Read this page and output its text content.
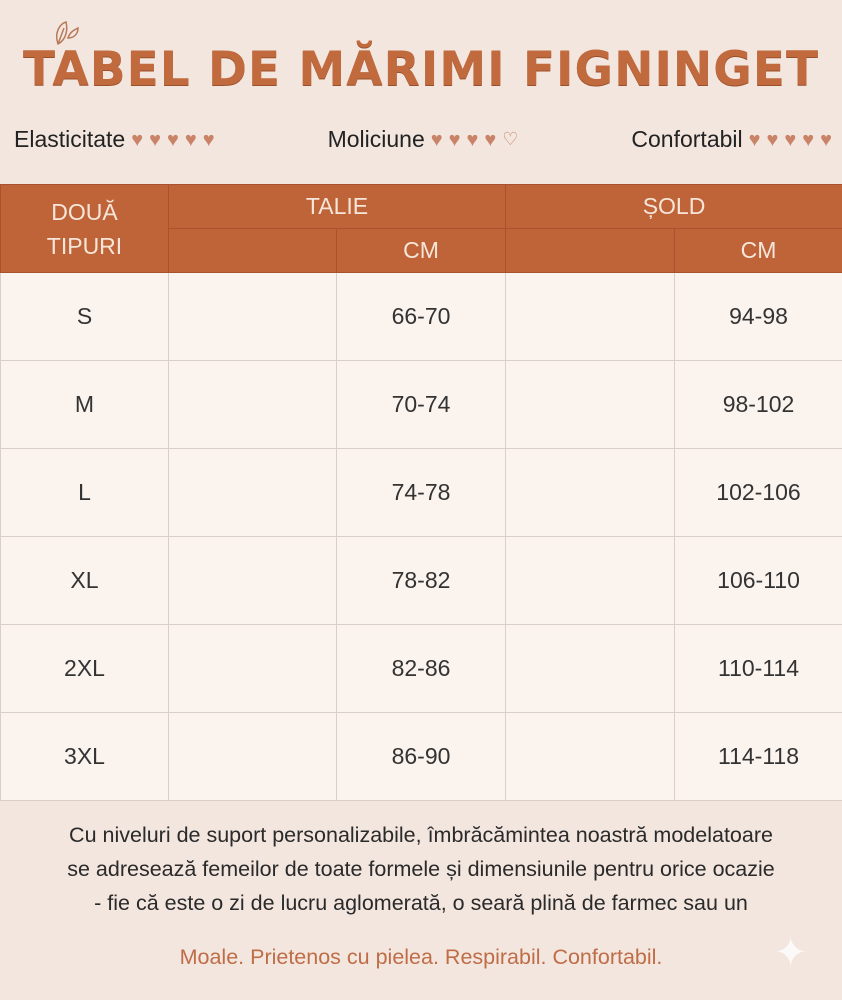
TABEL DE MĂRIMI FIGNINGET
Elasticitate ♥ ♥ ♥ ♥ ♥	Moliciune ♥ ♥ ♥ ♥ ♡	Confortabil ♥ ♥ ♥ ♥ ♥
DOUĂ TIPURI	TALIE		ȘOLD	
		CM		CM
S		66-70		94-98
M		70-74		98-102
L		74-78		102-106
XL		78-82		106-110
2XL		82-86		110-114
3XL		86-90		114-118
Cu niveluri de suport personalizabile, îmbrăcămintea noastră modelatoare
se adresează femeilor de toate formele și dimensiunile pentru orice ocazie
- fie că este o zi de lucru aglomerată, o seară plină de farmec sau un
Moale. Prietenos cu pielea. Respirabil. Confortabil.	✦
